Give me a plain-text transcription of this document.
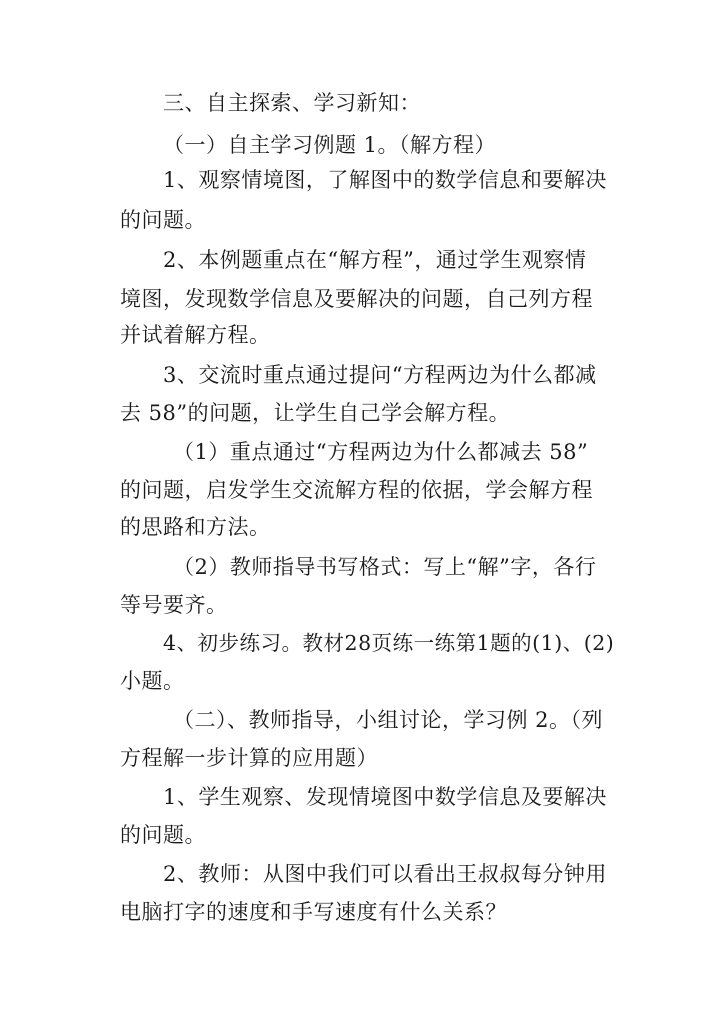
三、自主探索、学习新知：
（一）自主学习例题 1。（解方程）
1、观察情境图，了解图中的数学信息和要解决
的问题。
2、本例题重点在“解方程”，通过学生观察情
境图，发现数学信息及要解决的问题，自己列方程
并试着解方程。
3、交流时重点通过提问“方程两边为什么都减
去 58”的问题，让学生自己学会解方程。
（1）重点通过“方程两边为什么都减去 58”
的问题，启发学生交流解方程的依据，学会解方程
的思路和方法。
（2）教师指导书写格式：写上“解”字，各行
等号要齐。
4、初步练习。教材28页练一练第1题的(1)、(2)
小题。
（二）、教师指导，小组讨论，学习例 2。（列
方程解一步计算的应用题）
1、学生观察、发现情境图中数学信息及要解决
的问题。
2、教师：从图中我们可以看出王叔叔每分钟用
电脑打字的速度和手写速度有什么关系？
